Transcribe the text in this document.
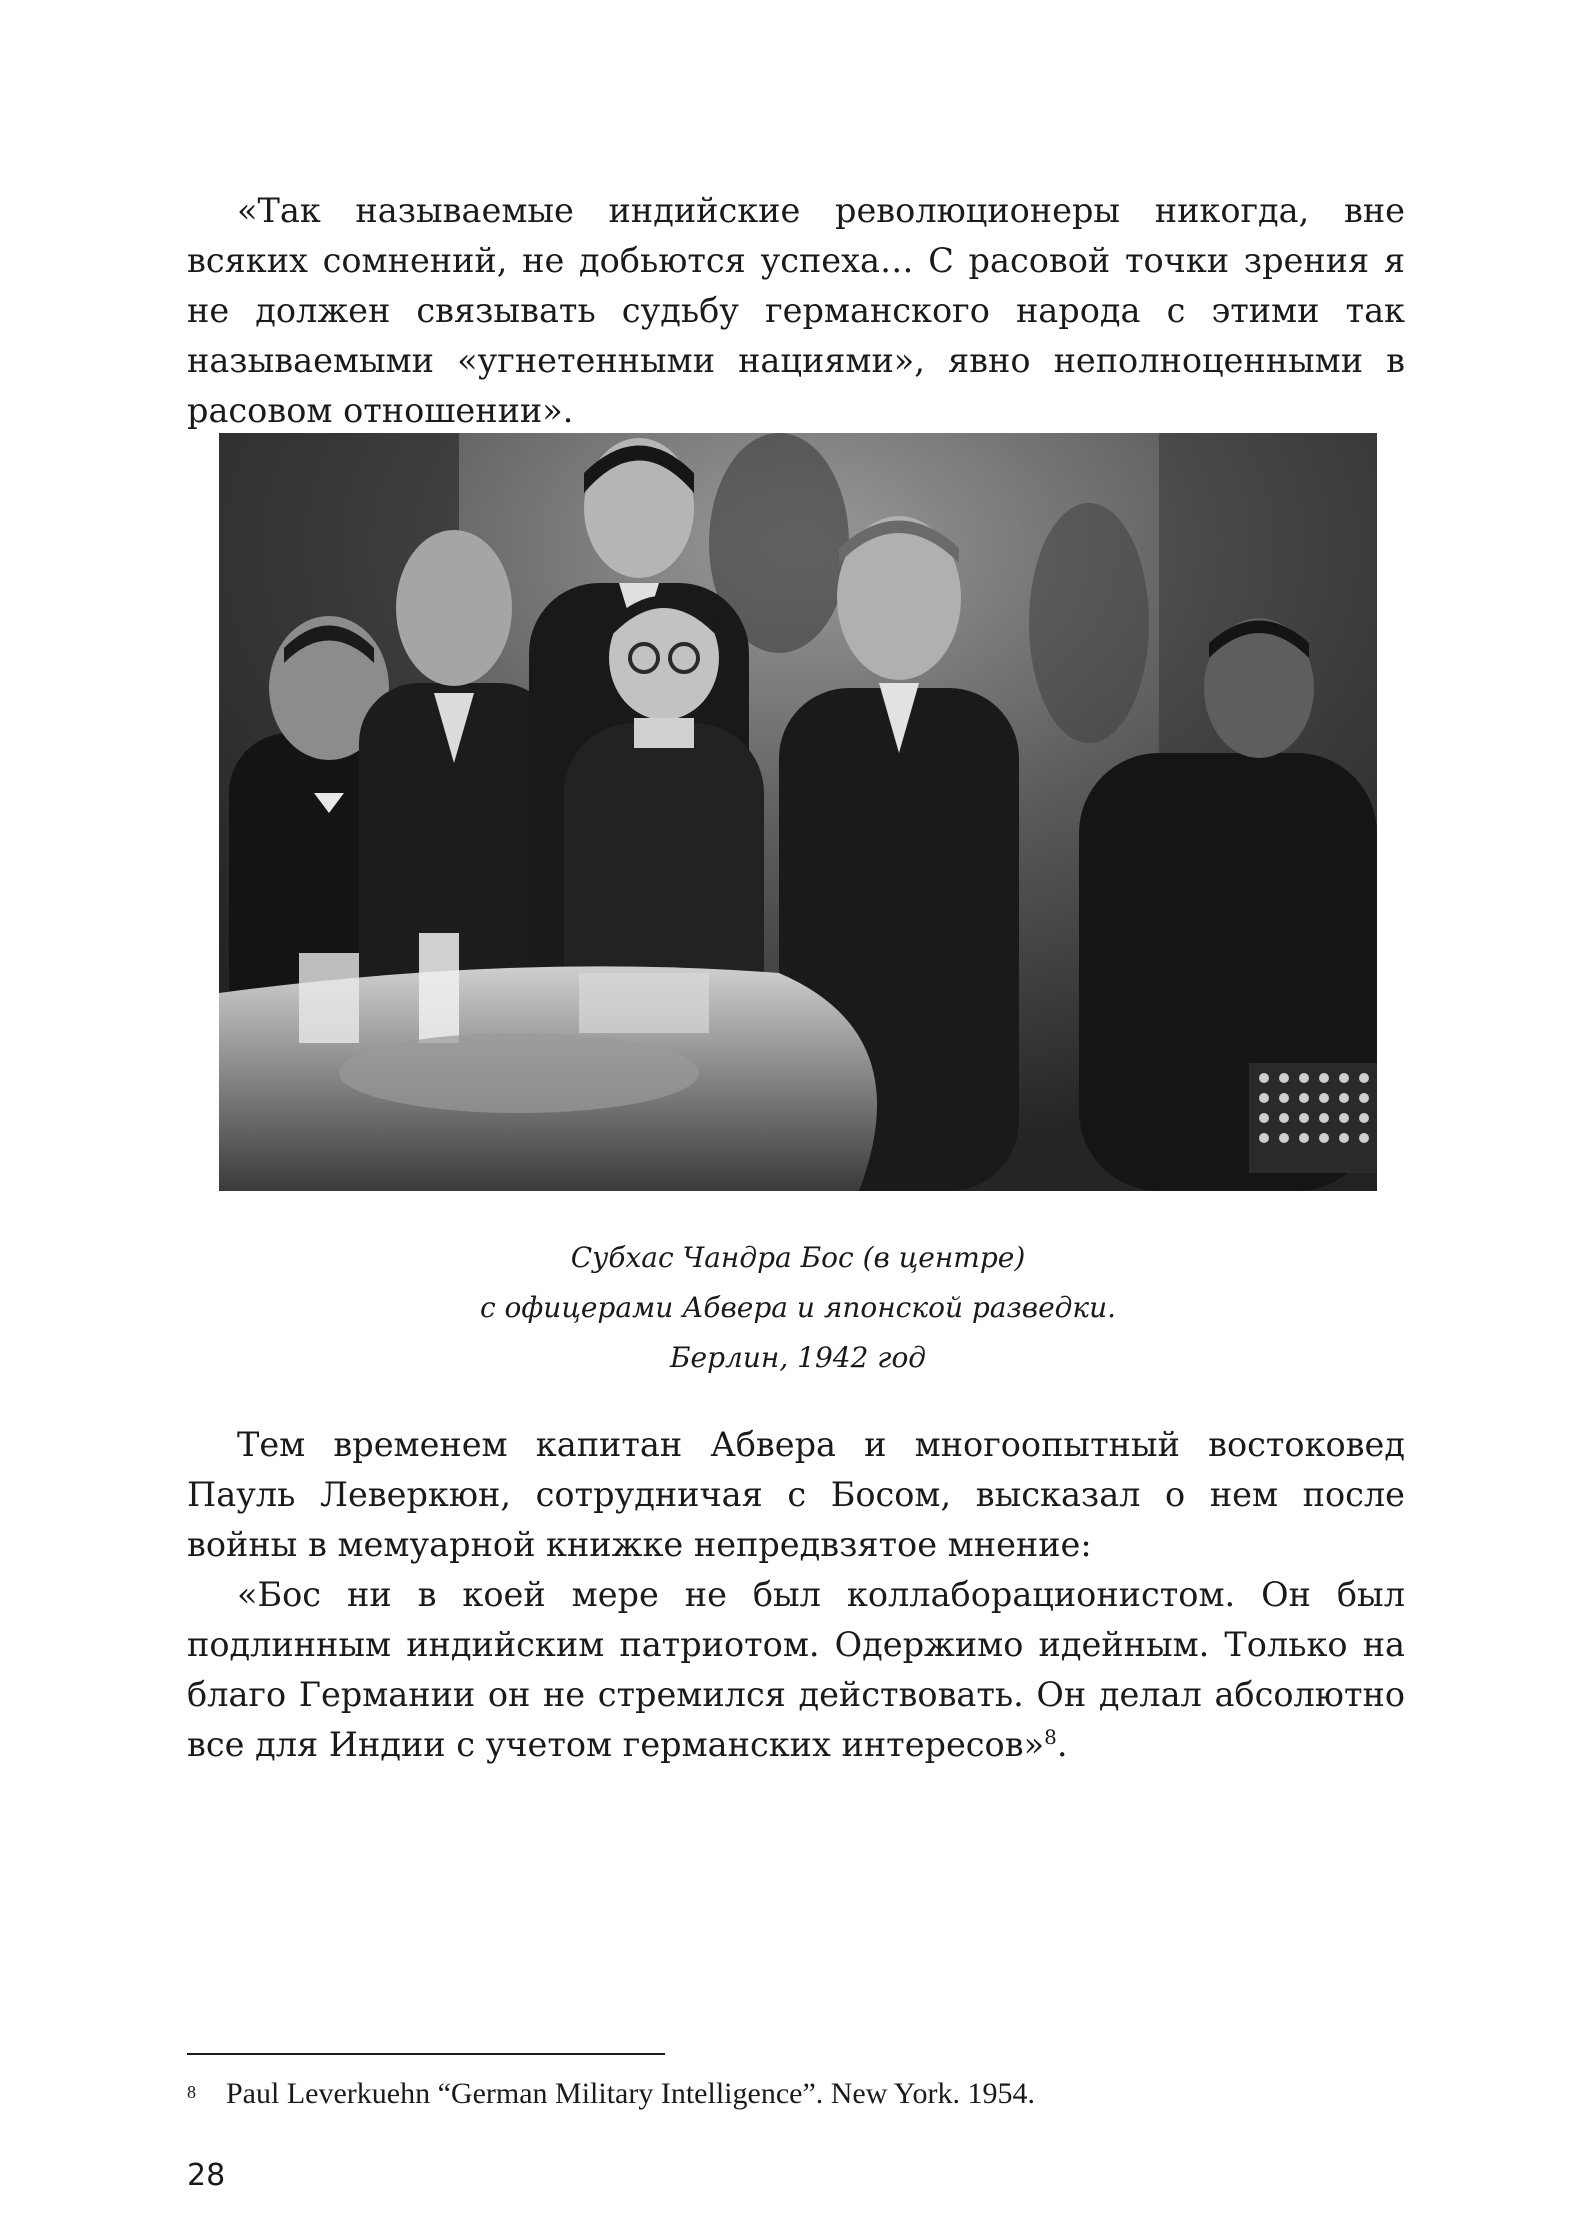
«Так называемые индийские революционеры никогда, вне всяких сомнений, не добьются успеха… С расовой точки зрения я не должен связывать судьбу германского народа с этими так называемыми «угнетенными нациями», явно неполноценными в расовом отношении».

Субхас Чандра Бос (в центре)
с офицерами Абвера и японской разведки.
Берлин, 1942 год

Тем временем капитан Абвера и многоопытный востоковед Пауль Леверкюн, сотрудничая с Босом, высказал о нем после войны в мемуарной книжке непредвзятое мнение:

«Бос ни в коей мере не был коллаборационистом. Он был подлинным индийским патриотом. Одержимо идейным. Только на благо Германии он не стремился действовать. Он делал абсолютно все для Индии с учетом германских интересов»$^8$.

$^8$ Paul Leverkuehn “German Military Intelligence”. New York. 1954.

28
